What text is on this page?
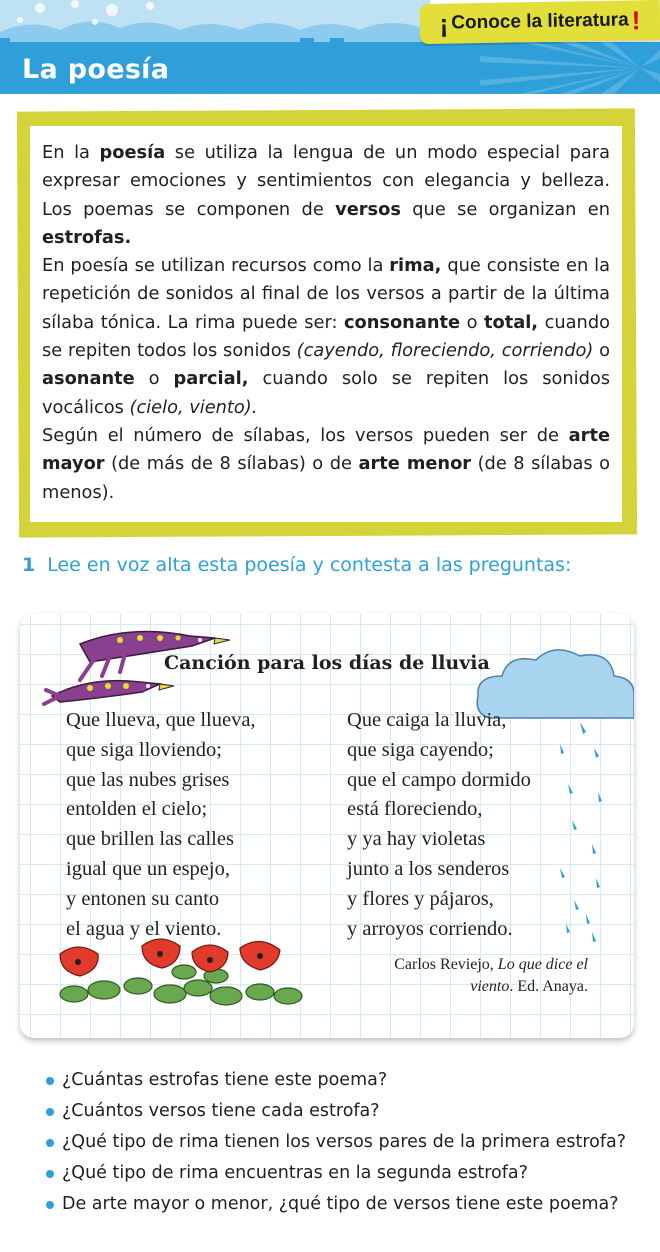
¡ Conoce la literatura !
La poesía

En la poesía se utiliza la lengua de un modo especial para expresar emociones y sentimientos con elegancia y belleza. Los poemas se componen de versos que se organizan en estrofas.

En poesía se utilizan recursos como la rima, que consiste en la repetición de sonidos al final de los versos a partir de la última sílaba tónica. La rima puede ser: consonante o total, cuando se repiten todos los sonidos (cayendo, floreciendo, corriendo) o asonante o parcial, cuando solo se repiten los sonidos vocálicos (cielo, viento).

Según el número de sílabas, los versos pueden ser de arte mayor (de más de 8 sílabas) o de arte menor (de 8 sílabas o menos).

1 Lee en voz alta esta poesía y contesta a las preguntas:
Canción para los días de lluvia
Que llueva, que llueva,
que siga lloviendo;
que las nubes grises
entolden el cielo;
que brillen las calles
igual que un espejo,
y entonen su canto
el agua y el viento.
Que caiga la lluvia,
que siga cayendo;
que el campo dormido
está floreciendo,
y ya hay violetas
junto a los senderos
y flores y pájaros,
y arroyos corriendo.
Carlos Reviejo, Lo que dice el viento. Ed. Anaya.
¿Cuántas estrofas tiene este poema?
¿Cuántos versos tiene cada estrofa?
¿Qué tipo de rima tienen los versos pares de la primera estrofa?
¿Qué tipo de rima encuentras en la segunda estrofa?
De arte mayor o menor, ¿qué tipo de versos tiene este poema?
